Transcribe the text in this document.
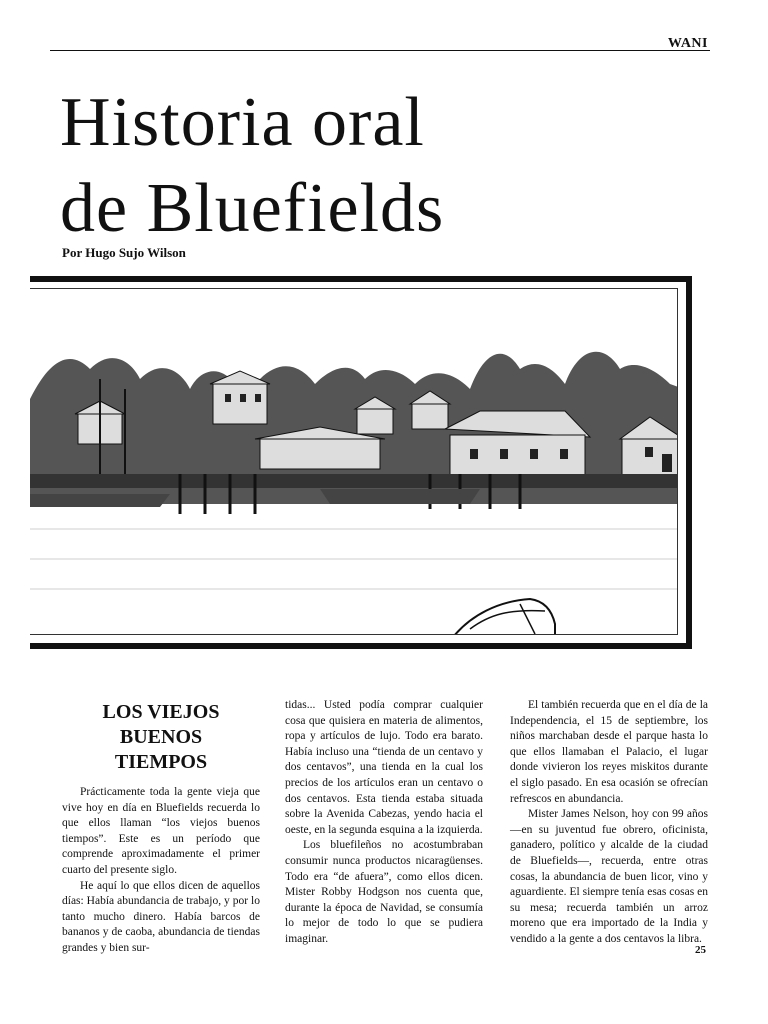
WANI
Historia oral
de Bluefields
Por Hugo Sujo Wilson
LOS VIEJOS
BUENOS
TIEMPOS

Prácticamente toda la gente vieja que vive hoy en día en Bluefields recuerda lo que ellos llaman “los viejos buenos tiempos”. Este es un período que comprende aproximadamente el primer cuarto del presente siglo.

He aquí lo que ellos dicen de aquellos días: Había abundancia de trabajo, y por lo tanto mucho dinero. Había barcos de bananos y de caoba, abundancia de tiendas grandes y bien sur-

tidas... Usted podía comprar cualquier cosa que quisiera en materia de alimentos, ropa y artículos de lujo. Todo era barato. Había incluso una “tienda de un centavo y dos centavos”, una tienda en la cual los precios de los artículos eran un centavo o dos centavos. Esta tienda estaba situada sobre la Avenida Cabezas, yendo hacia el oeste, en la segunda esquina a la izquierda.

Los bluefileños no acostumbraban consumir nunca productos nicaragüenses. Todo era “de afuera”, como ellos dicen. Mister Robby Hodgson nos cuenta que, durante la época de Navidad, se consumía lo mejor de todo lo que se pudiera imaginar.

El también recuerda que en el día de la Independencia, el 15 de septiembre, los niños marchaban desde el parque hasta lo que ellos llamaban el Palacio, el lugar donde vivieron los reyes miskitos durante el siglo pasado. En esa ocasión se ofrecían refrescos en abundancia.

Mister James Nelson, hoy con 99 años —en su juventud fue obrero, oficinista, ganadero, político y alcalde de la ciudad de Bluefields—, recuerda, entre otras cosas, la abundancia de buen licor, vino y aguardiente. El siempre tenía esas cosas en su mesa; recuerda también un arroz moreno que era importado de la India y vendido a la gente a dos centavos la libra.

25
